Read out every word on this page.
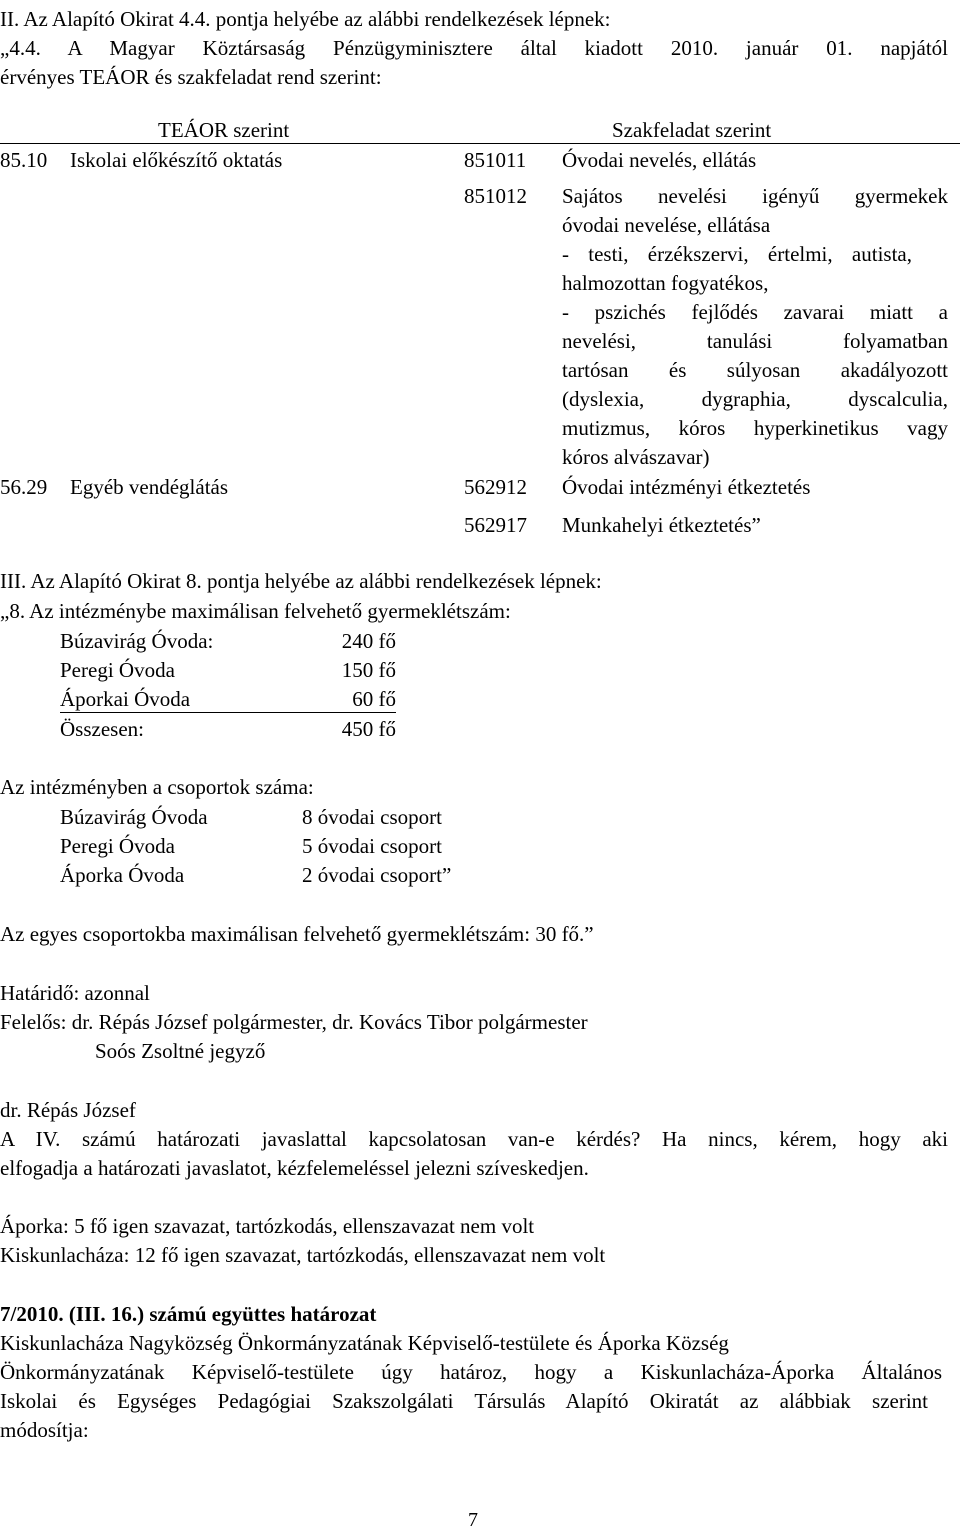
II. Az Alapító Okirat 4.4. pontja helyébe az alábbi rendelkezések lépnek:
„4.4. A Magyar Köztársaság Pénzügyminisztere által kiadott 2010. január 01. napjától
érvényes TEÁOR és szakfeladat rend szerint:
TEÁOR szerint	Szakfeladat szerint
85.10 Iskolai előkészítő oktatás	851011 Óvodai nevelés, ellátás
851012 Sajátos nevelési igényű gyermekek
óvodai nevelése, ellátása
- testi, érzékszervi, értelmi, autista,
halmozottan fogyatékos,
- pszichés fejlődés zavarai miatt a
nevelési, tanulási folyamatban
tartósan és súlyosan akadályozott
(dyslexia, dygraphia, dyscalculia,
mutizmus, kóros hyperkinetikus vagy
kóros alvászavar)
56.29 Egyéb vendéglátás	562912 Óvodai intézményi étkeztetés
562917 Munkahelyi étkeztetés”
III. Az Alapító Okirat 8. pontja helyébe az alábbi rendelkezések lépnek:
„8. Az intézménybe maximálisan felvehető gyermeklétszám:
Búzavirág Óvoda:	240 fő
Peregi Óvoda	150 fő
Áporkai Óvoda	60 fő
Összesen:	450 fő
Az intézményben a csoportok száma:
Búzavirág Óvoda	8 óvodai csoport
Peregi Óvoda	5 óvodai csoport
Áporka Óvoda	2 óvodai csoport”
Az egyes csoportokba maximálisan felvehető gyermeklétszám: 30 fő.”
Határidő: azonnal
Felelős: dr. Répás József polgármester, dr. Kovács Tibor polgármester
Soós Zsoltné jegyző
dr. Répás József
A IV. számú határozati javaslattal kapcsolatosan van-e kérdés? Ha nincs, kérem, hogy aki
elfogadja a határozati javaslatot, kézfelemeléssel jelezni szíveskedjen.
Áporka: 5 fő igen szavazat, tartózkodás, ellenszavazat nem volt
Kiskunlacháza: 12 fő igen szavazat, tartózkodás, ellenszavazat nem volt
7/2010. (III. 16.) számú együttes határozat
Kiskunlacháza Nagyközség Önkormányzatának Képviselő-testülete és Áporka Község
Önkormányzatának Képviselő-testülete úgy határoz, hogy a Kiskunlacháza-Áporka Általános
Iskolai és Egységes Pedagógiai Szakszolgálati Társulás Alapító Okiratát az alábbiak szerint
módosítja:
7
